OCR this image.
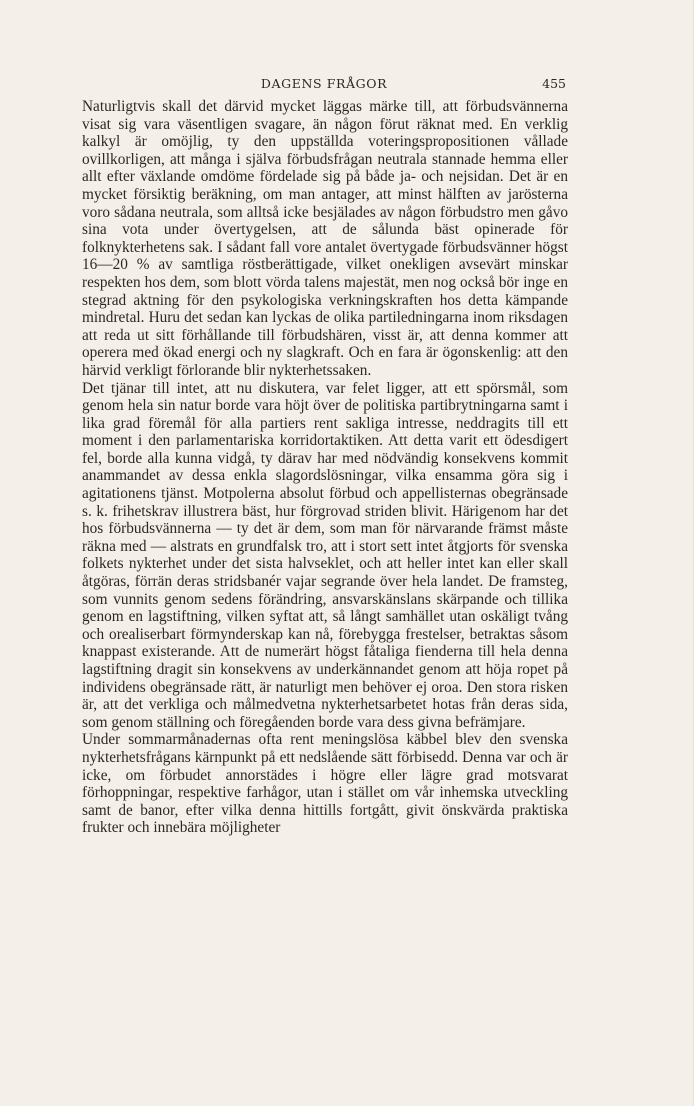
DAGENS FRÅGOR	455

Naturligtvis skall det därvid mycket läggas märke till, att förbudsvännerna visat sig vara väsentligen svagare, än någon förut räknat med. En verklig kalkyl är omöjlig, ty den uppställda voteringspropositionen vållade ovillkorligen, att många i själva förbudsfrågan neutrala stannade hemma eller allt efter växlande omdöme fördelade sig på både ja- och nejsidan. Det är en mycket försiktig beräkning, om man antager, att minst hälften av jarösterna voro sådana neutrala, som alltså icke besjälades av någon förbudstro men gåvo sina vota under övertygelsen, att de sålunda bäst opinerade för folknykterhetens sak. I sådant fall vore antalet övertygade förbudsvänner högst 16—20 % av samtliga röstberättigade, vilket onekligen avsevärt minskar respekten hos dem, som blott vörda talens majestät, men nog också bör inge en stegrad aktning för den psykologiska verkningskraften hos detta kämpande mindretal. Huru det sedan kan lyckas de olika partiledningarna inom riksdagen att reda ut sitt förhållande till förbudshären, visst är, att denna kommer att operera med ökad energi och ny slagkraft. Och en fara är ögonskenlig: att den härvid verkligt förlorande blir nykterhetssaken.

Det tjänar till intet, att nu diskutera, var felet ligger, att ett spörsmål, som genom hela sin natur borde vara höjt över de politiska partibrytningarna samt i lika grad föremål för alla partiers rent sakliga intresse, neddragits till ett moment i den parlamentariska korridortaktiken. Att detta varit ett ödesdigert fel, borde alla kunna vidgå, ty därav har med nödvändig konsekvens kommit anammandet av dessa enkla slagordslösningar, vilka ensamma göra sig i agitationens tjänst. Motpolerna absolut förbud och appellisternas obegränsade s. k. frihetskrav illustrera bäst, hur förgrovad striden blivit. Härigenom har det hos förbudsvännerna — ty det är dem, som man för närvarande främst måste räkna med — alstrats en grundfalsk tro, att i stort sett intet åtgjorts för svenska folkets nykterhet under det sista halvseklet, och att heller intet kan eller skall åtgöras, förrän deras stridsbanér vajar segrande över hela landet. De framsteg, som vunnits genom sedens förändring, ansvarskänslans skärpande och tillika genom en lagstiftning, vilken syftat att, så långt samhället utan oskäligt tvång och orealiserbart förmynderskap kan nå, förebygga frestelser, betraktas såsom knappast existerande. Att de numerärt högst fåtaliga fienderna till hela denna lagstiftning dragit sin konsekvens av underkännandet genom att höja ropet på individens obegränsade rätt, är naturligt men behöver ej oroa. Den stora risken är, att det verkliga och målmedvetna nykterhetsarbetet hotas från deras sida, som genom ställning och föregåenden borde vara dess givna befrämjare.

Under sommarmånadernas ofta rent meningslösa käbbel blev den svenska nykterhetsfrågans kärnpunkt på ett nedslående sätt förbisedd. Denna var och är icke, om förbudet annorstädes i högre eller lägre grad motsvarat förhoppningar, respektive farhågor, utan i stället om vår inhemska utveckling samt de banor, efter vilka denna hittills fortgått, givit önskvärda praktiska frukter och innebära möjligheter
